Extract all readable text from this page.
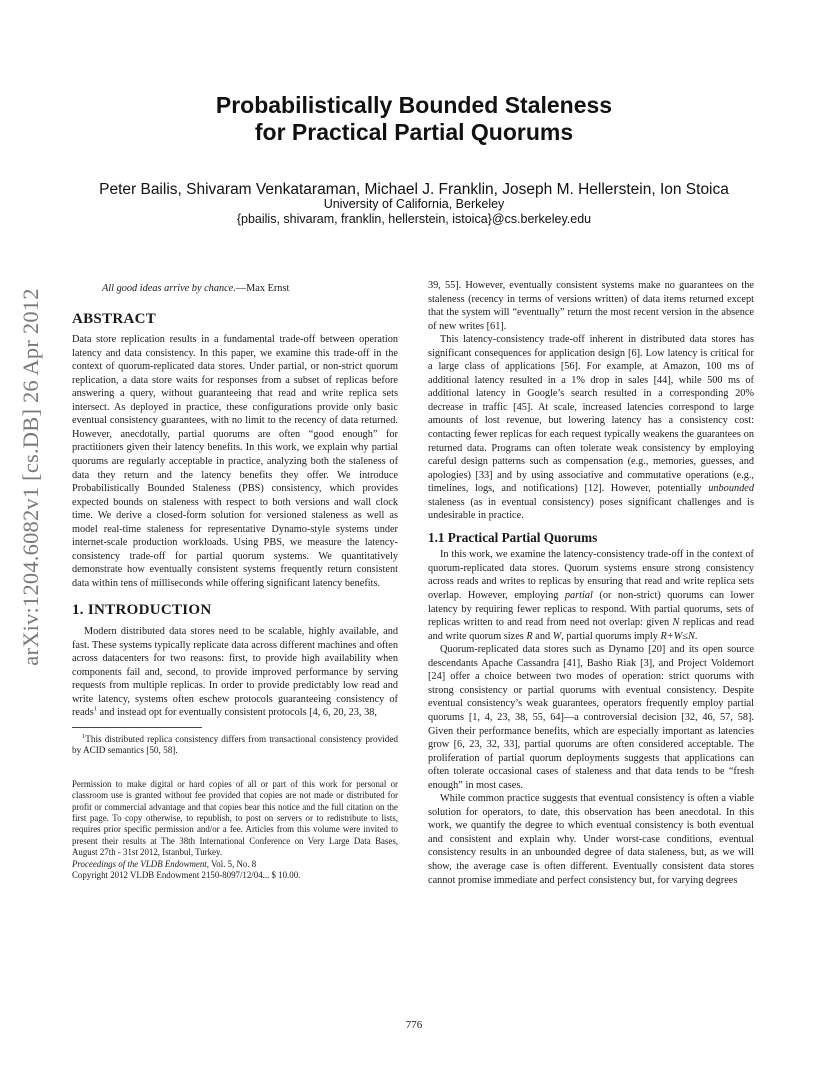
arXiv:1204.6082v1 [cs.DB] 26 Apr 2012
Probabilistically Bounded Staleness
for Practical Partial Quorums
Peter Bailis, Shivaram Venkataraman, Michael J. Franklin, Joseph M. Hellerstein, Ion Stoica
University of California, Berkeley
{pbailis, shivaram, franklin, hellerstein, istoica}@cs.berkeley.edu

All good ideas arrive by chance.—Max Ernst

ABSTRACT

Data store replication results in a fundamental trade-off between operation latency and data consistency. In this paper, we examine this trade-off in the context of quorum-replicated data stores. Under partial, or non-strict quorum replication, a data store waits for responses from a subset of replicas before answering a query, without guaranteeing that read and write replica sets intersect. As deployed in practice, these configurations provide only basic eventual consistency guarantees, with no limit to the recency of data returned. However, anecdotally, partial quorums are often “good enough” for practitioners given their latency benefits. In this work, we explain why partial quorums are regularly acceptable in practice, analyzing both the staleness of data they return and the latency benefits they offer. We introduce Probabilistically Bounded Staleness (PBS) consistency, which provides expected bounds on staleness with respect to both versions and wall clock time. We derive a closed-form solution for versioned staleness as well as model real-time staleness for representative Dynamo-style systems under internet-scale production workloads. Using PBS, we measure the latency-consistency trade-off for partial quorum systems. We quantitatively demonstrate how eventually consistent systems frequently return consistent data within tens of milliseconds while offering significant latency benefits.

1. INTRODUCTION

Modern distributed data stores need to be scalable, highly available, and fast. These systems typically replicate data across different machines and often across datacenters for two reasons: first, to provide high availability when components fail and, second, to provide improved performance by serving requests from multiple replicas. In order to provide predictably low read and write latency, systems often eschew protocols guaranteeing consistency of reads$^1$ and instead opt for eventually consistent protocols [4, 6, 20, 23, 38,

$^1$This distributed replica consistency differs from transactional consistency provided by ACID semantics [50, 58].

Permission to make digital or hard copies of all or part of this work for personal or classroom use is granted without fee provided that copies are not made or distributed for profit or commercial advantage and that copies bear this notice and the full citation on the first page. To copy otherwise, to republish, to post on servers or to redistribute to lists, requires prior specific permission and/or a fee. Articles from this volume were invited to present their results at The 38th International Conference on Very Large Data Bases, August 27th - 31st 2012, Istanbul, Turkey.
Proceedings of the VLDB Endowment, Vol. 5, No. 8
Copyright 2012 VLDB Endowment 2150-8097/12/04... $ 10.00.

39, 55]. However, eventually consistent systems make no guarantees on the staleness (recency in terms of versions written) of data items returned except that the system will “eventually” return the most recent version in the absence of new writes [61].

This latency-consistency trade-off inherent in distributed data stores has significant consequences for application design [6]. Low latency is critical for a large class of applications [56]. For example, at Amazon, 100 ms of additional latency resulted in a 1% drop in sales [44], while 500 ms of additional latency in Google’s search resulted in a corresponding 20% decrease in traffic [45]. At scale, increased latencies correspond to large amounts of lost revenue, but lowering latency has a consistency cost: contacting fewer replicas for each request typically weakens the guarantees on returned data. Programs can often tolerate weak consistency by employing careful design patterns such as compensation (e.g., memories, guesses, and apologies) [33] and by using associative and commutative operations (e.g., timelines, logs, and notifications) [12]. However, potentially unbounded staleness (as in eventual consistency) poses significant challenges and is undesirable in practice.

1.1 Practical Partial Quorums

In this work, we examine the latency-consistency trade-off in the context of quorum-replicated data stores. Quorum systems ensure strong consistency across reads and writes to replicas by ensuring that read and write replica sets overlap. However, employing partial (or non-strict) quorums can lower latency by requiring fewer replicas to respond. With partial quorums, sets of replicas written to and read from need not overlap: given N replicas and read and write quorum sizes R and W, partial quorums imply R+W≤N.

Quorum-replicated data stores such as Dynamo [20] and its open source descendants Apache Cassandra [41], Basho Riak [3], and Project Voldemort [24] offer a choice between two modes of operation: strict quorums with strong consistency or partial quorums with eventual consistency. Despite eventual consistency’s weak guarantees, operators frequently employ partial quorums [1, 4, 23, 38, 55, 64]—a controversial decision [32, 46, 57, 58]. Given their performance benefits, which are especially important as latencies grow [6, 23, 32, 33], partial quorums are often considered acceptable. The proliferation of partial quorum deployments suggests that applications can often tolerate occasional cases of staleness and that data tends to be “fresh enough” in most cases.

While common practice suggests that eventual consistency is often a viable solution for operators, to date, this observation has been anecdotal. In this work, we quantify the degree to which eventual consistency is both eventual and consistent and explain why. Under worst-case conditions, eventual consistency results in an unbounded degree of data staleness, but, as we will show, the average case is often different. Eventually consistent data stores cannot promise immediate and perfect consistency but, for varying degrees

776
